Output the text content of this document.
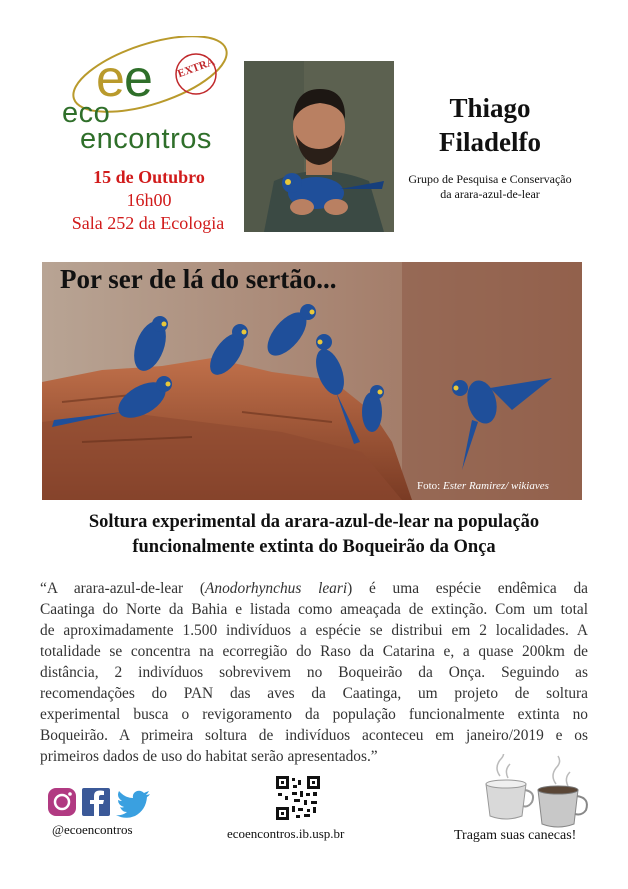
e e EXTRA
eco
encontros
15 de Outubro
16h00
Sala 252 da Ecologia
Thiago
Filadelfo
Grupo de Pesquisa e Conservação
da arara-azul-de-lear
Por ser de lá do sertão...
Foto: Ester Ramirez/ wikiaves
Soltura experimental da arara-azul-de-lear na população
funcionalmente extinta do Boqueirão da Onça
“A arara-azul-de-lear (Anodorhynchus leari) é uma espécie endêmica da
Caatinga do Norte da Bahia e listada como ameaçada de extinção. Com um total
de aproximadamente 1.500 indivíduos a espécie se distribui em 2 localidades. A
totalidade se concentra na ecorregião do Raso da Catarina e, a quase 200km de
distância, 2 indivíduos sobrevivem no Boqueirão da Onça. Seguindo as
recomendações do PAN das aves da Caatinga, um projeto de soltura
experimental busca o revigoramento da população funcionalmente extinta no
Boqueirão. A primeira soltura de indivíduos aconteceu em janeiro/2019 e os
primeiros dados de uso do habitat serão apresentados.”
@ecoencontros	ecoencontros.ib.usp.br	Tragam suas canecas!
